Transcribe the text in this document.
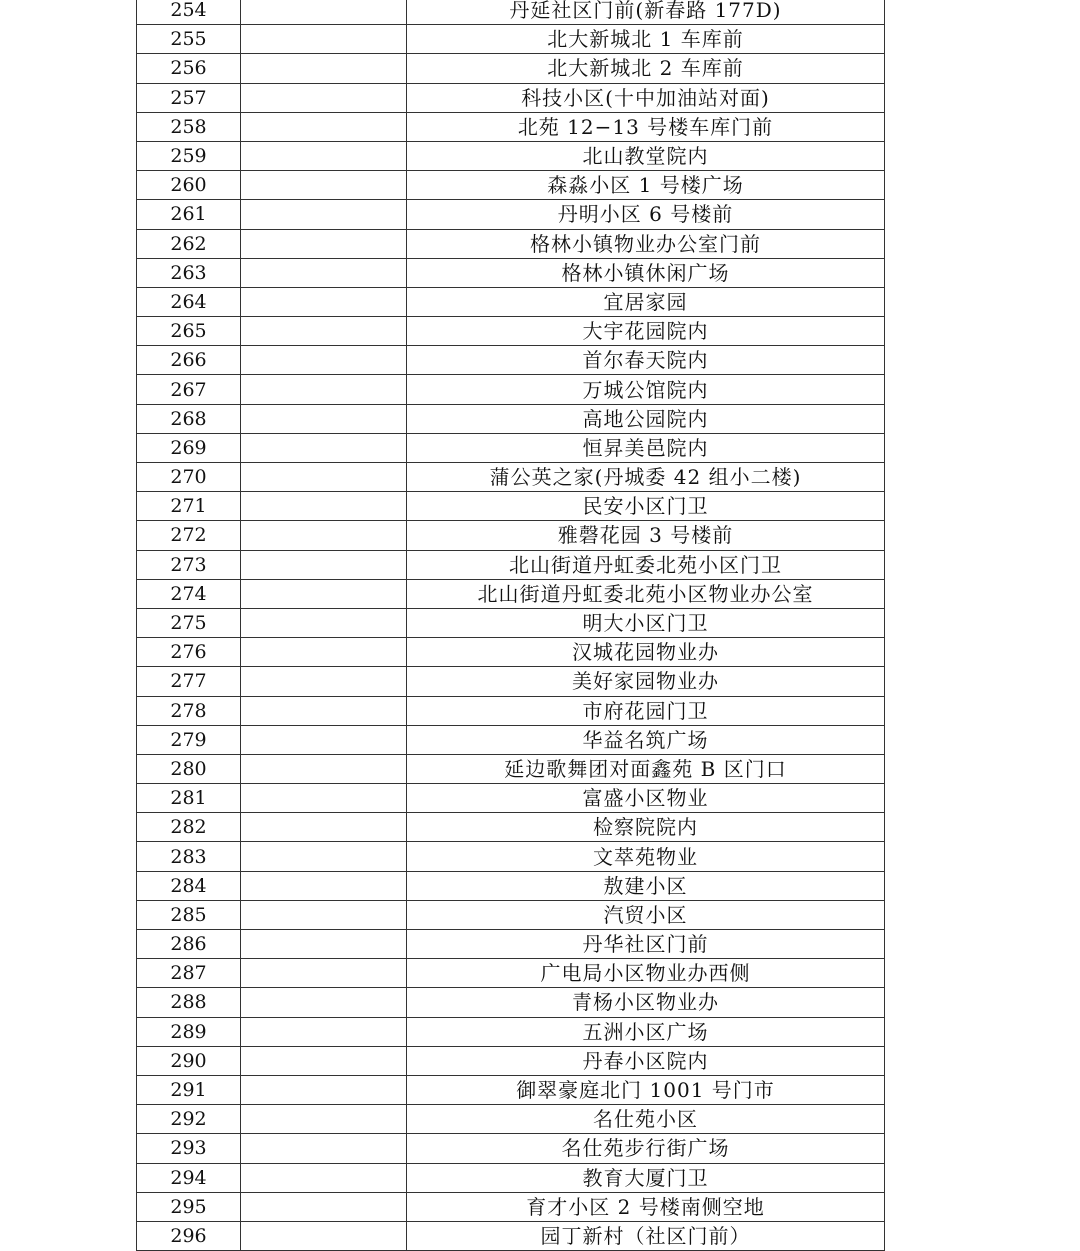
254		丹延社区门前(新春路 177D)
255		北大新城北 1 车库前
256		北大新城北 2 车库前
257		科技小区(十中加油站对面)
258		北苑 12−13 号楼车库门前
259		北山教堂院内
260		森淼小区 1 号楼广场
261		丹明小区 6 号楼前
262		格林小镇物业办公室门前
263		格林小镇休闲广场
264		宜居家园
265		大宇花园院内
266		首尔春天院内
267		万城公馆院内
268		高地公园院内
269		恒昇美邑院内
270		蒲公英之家(丹城委 42 组小二楼)
271		民安小区门卫
272		雅磬花园 3 号楼前
273		北山街道丹虹委北苑小区门卫
274		北山街道丹虹委北苑小区物业办公室
275		明大小区门卫
276		汉城花园物业办
277		美好家园物业办
278		市府花园门卫
279		华益名筑广场
280		延边歌舞团对面鑫苑 B 区门口
281		富盛小区物业
282		检察院院内
283		文萃苑物业
284		敖建小区
285		汽贸小区
286		丹华社区门前
287		广电局小区物业办西侧
288		青杨小区物业办
289		五洲小区广场
290		丹春小区院内
291		御翠豪庭北门 1001 号门市
292		名仕苑小区
293		名仕苑步行街广场
294		教育大厦门卫
295		育才小区 2 号楼南侧空地
296		园丁新村（社区门前）
